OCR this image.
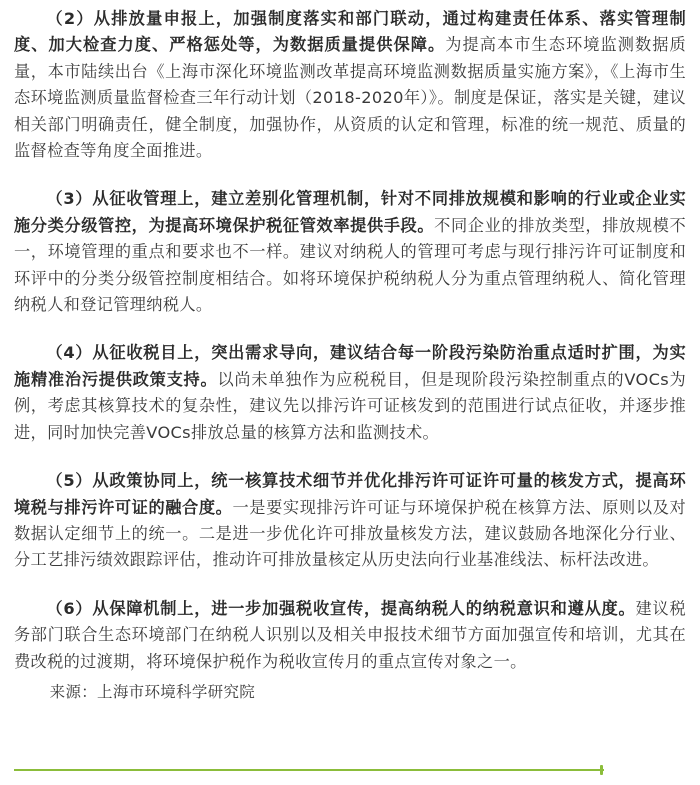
（2）从排放量申报上，加强制度落实和部门联动，通过构建责任体系、落实管理制度、加大检查力度、严格惩处等，为数据质量提供保障。为提高本市生态环境监测数据质量，本市陆续出台《上海市深化环境监测改革提高环境监测数据质量实施方案》，《上海市生态环境监测质量监督检查三年行动计划（2018-2020年）》。制度是保证，落实是关键，建议相关部门明确责任，健全制度，加强协作，从资质的认定和管理，标准的统一规范、质量的监督检查等角度全面推进。

（3）从征收管理上，建立差别化管理机制，针对不同排放规模和影响的行业或企业实施分类分级管控，为提高环境保护税征管效率提供手段。不同企业的排放类型，排放规模不一，环境管理的重点和要求也不一样。建议对纳税人的管理可考虑与现行排污许可证制度和环评中的分类分级管控制度相结合。如将环境保护税纳税人分为重点管理纳税人、简化管理纳税人和登记管理纳税人。

（4）从征收税目上，突出需求导向，建议结合每一阶段污染防治重点适时扩围，为实施精准治污提供政策支持。以尚未单独作为应税税目，但是现阶段污染控制重点的VOCs为例，考虑其核算技术的复杂性，建议先以排污许可证核发到的范围进行试点征收，并逐步推进，同时加快完善VOCs排放总量的核算方法和监测技术。

（5）从政策协同上，统一核算技术细节并优化排污许可证许可量的核发方式，提高环境税与排污许可证的融合度。一是要实现排污许可证与环境保护税在核算方法、原则以及对数据认定细节上的统一。二是进一步优化许可排放量核发方法，建议鼓励各地深化分行业、分工艺排污绩效跟踪评估，推动许可排放量核定从历史法向行业基准线法、标杆法改进。

（6）从保障机制上，进一步加强税收宣传，提高纳税人的纳税意识和遵从度。建议税务部门联合生态环境部门在纳税人识别以及相关申报技术细节方面加强宣传和培训，尤其在费改税的过渡期，将环境保护税作为税收宣传月的重点宣传对象之一。

来源：上海市环境科学研究院
